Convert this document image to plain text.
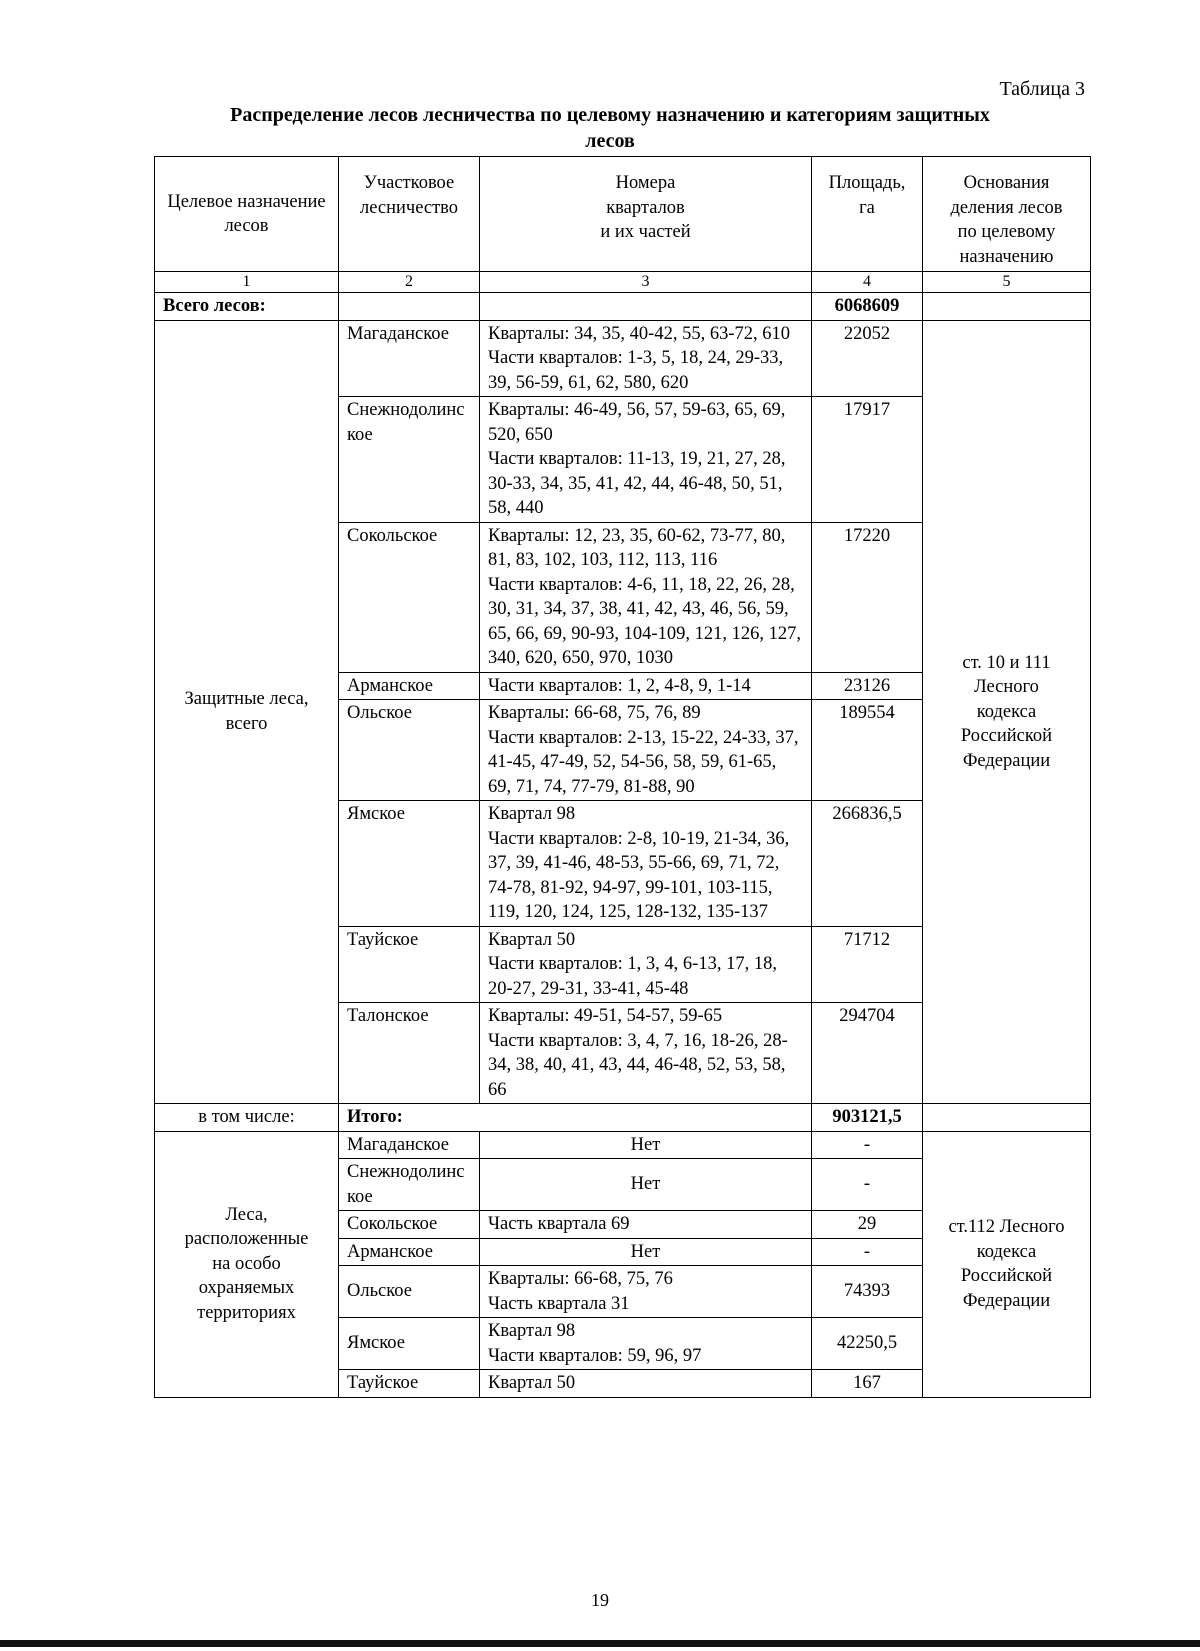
Таблица 3
Распределение лесов лесничества по целевому назначению и категориям защитных
лесов
Целевое назначение лесов	Участковое лесничество	Номера
кварталов
и их частей	Площадь,
га	Основания
деления лесов
по целевому
назначению

1	2	3	4	5
Всего лесов:			6068609	

Защитные леса,
всего	Магаданское	Кварталы: 34, 35, 40-42, 55, 63-72, 610
Части кварталов: 1-3, 5, 18, 24, 29-33, 39, 56-59, 61, 62, 580, 620	22052	ст. 10 и 111
Лесного
кодекса
Российской
Федерации

	Снежнодолинское	Кварталы: 46-49, 56, 57, 59-63, 65, 69, 520, 650
Части кварталов: 11-13, 19, 21, 27, 28, 30-33, 34, 35, 41, 42, 44, 46-48, 50, 51, 58, 440	17917	
	Сокольское	Кварталы: 12, 23, 35, 60-62, 73-77, 80, 81, 83, 102, 103, 112, 113, 116
Части кварталов: 4-6, 11, 18, 22, 26, 28, 30, 31, 34, 37, 38, 41, 42, 43, 46, 56, 59, 65, 66, 69, 90-93, 104-109, 121, 126, 127, 340, 620, 650, 970, 1030	17220	
	Арманское	Части кварталов: 1, 2, 4-8, 9, 1-14	23126	
	Ольское	Кварталы: 66-68, 75, 76, 89
Части кварталов: 2-13, 15-22, 24-33, 37, 41-45, 47-49, 52, 54-56, 58, 59, 61-65, 69, 71, 74, 77-79, 81-88, 90	189554	
	Ямское	Квартал 98
Части кварталов: 2-8, 10-19, 21-34, 36, 37, 39, 41-46, 48-53, 55-66, 69, 71, 72, 74-78, 81-92, 94-97, 99-101, 103-115, 119, 120, 124, 125, 128-132, 135-137	266836,5	
	Тауйское	Квартал 50
Части кварталов: 1, 3, 4, 6-13, 17, 18, 20-27, 29-31, 33-41, 45-48	71712	
	Талонское	Кварталы: 49-51, 54-57, 59-65
Части кварталов: 3, 4, 7, 16, 18-26, 28-34, 38, 40, 41, 43, 44, 46-48, 52, 53, 58, 66	294704	
в том числе:	Итого:		903121,5	

Леса,
расположенные
на особо
охраняемых
территориях	Магаданское	Нет	-	ст.112 Лесного
кодекса
Российской
Федерации

	Снежнодолинское	Нет	-	
	Сокольское	Часть квартала 69	29	
	Арманское	Нет	-	
	Ольское	Кварталы: 66-68, 75, 76
Часть квартала 31	74393	
	Ямское	Квартал 98
Части кварталов: 59, 96, 97	42250,5	
	Тауйское	Квартал 50	167	
19
